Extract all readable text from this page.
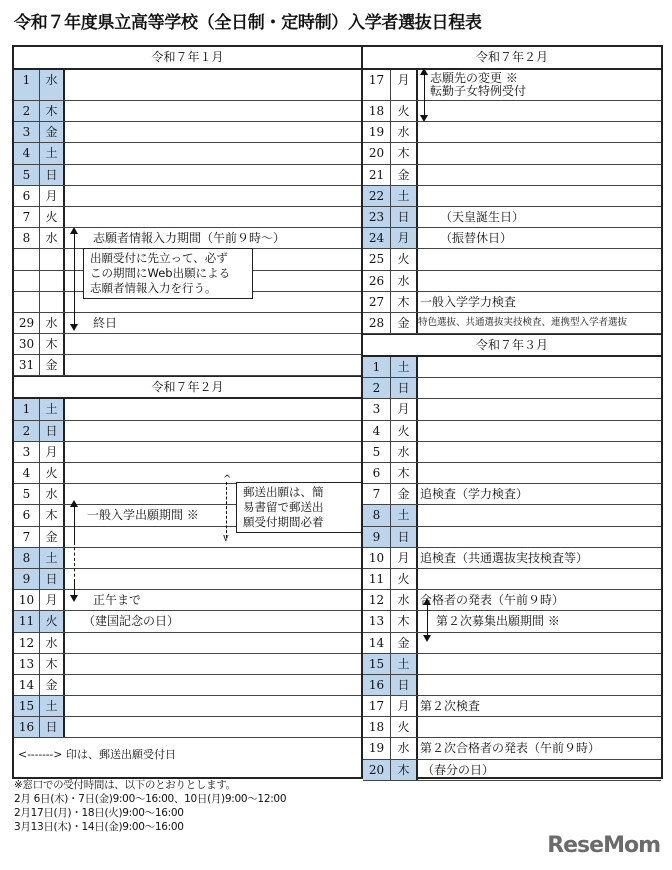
令和７年度県立高等学校（全日制・定時制）入学者選抜日程表
令和７年１月
1	水
2	木
3	金
4	土
5	日
6	月
7	火
8	水	志願者情報入力期間（午前９時～）
29 水	終日
30 木
31 金
令和７年２月
1	土
2	日
3	月
4	火
5	水
6	木	一般入学出願期間 ※
7	金
8	土
9	日
10 月	正午まで
11 火	（建国記念の日）
12 水
13 木
14 金
15 土
16 日
<-------> 印は、郵送出願受付日
令和７年２月
17	月	志願先の変更 ※
転勤子女特例受付
18	火
19	水
20	木
21	金
22	土
23	日	（天皇誕生日）
24	月	（振替休日）
25	火
26	水
27	木 一般入学学力検査
28	金 特色選抜、共通選抜実技検査、連携型入学者選抜
令和７年３月
1	土
2	日
3	月
4	火
5	水
6	木
7	金 追検査（学力検査）
8	土
9	日
10	月 追検査（共通選抜実技検査等）
11	火
12	水 合格者の発表（午前９時）
13	木	第２次募集出願期間 ※
14	金
15	土
16	日
17	月 第２次検査
18	火
19	水 第２次合格者の発表（午前９時）
20	木	（春分の日）
出願受付に先立って、必ず
この期間にWeb出願による
志願者情報入力を行う。
^ v
郵送出願は、簡
易書留で郵送出
願受付期間必着
※窓口での受付時間は、以下のとおりとします。
2月 6日(木)・7日(金)9:00～16:00、10日(月)9:00～12:00
2月17日(月)・18日(火)9:00～16:00
3月13日(木)・14日(金)9:00～16:00
ReseMom
